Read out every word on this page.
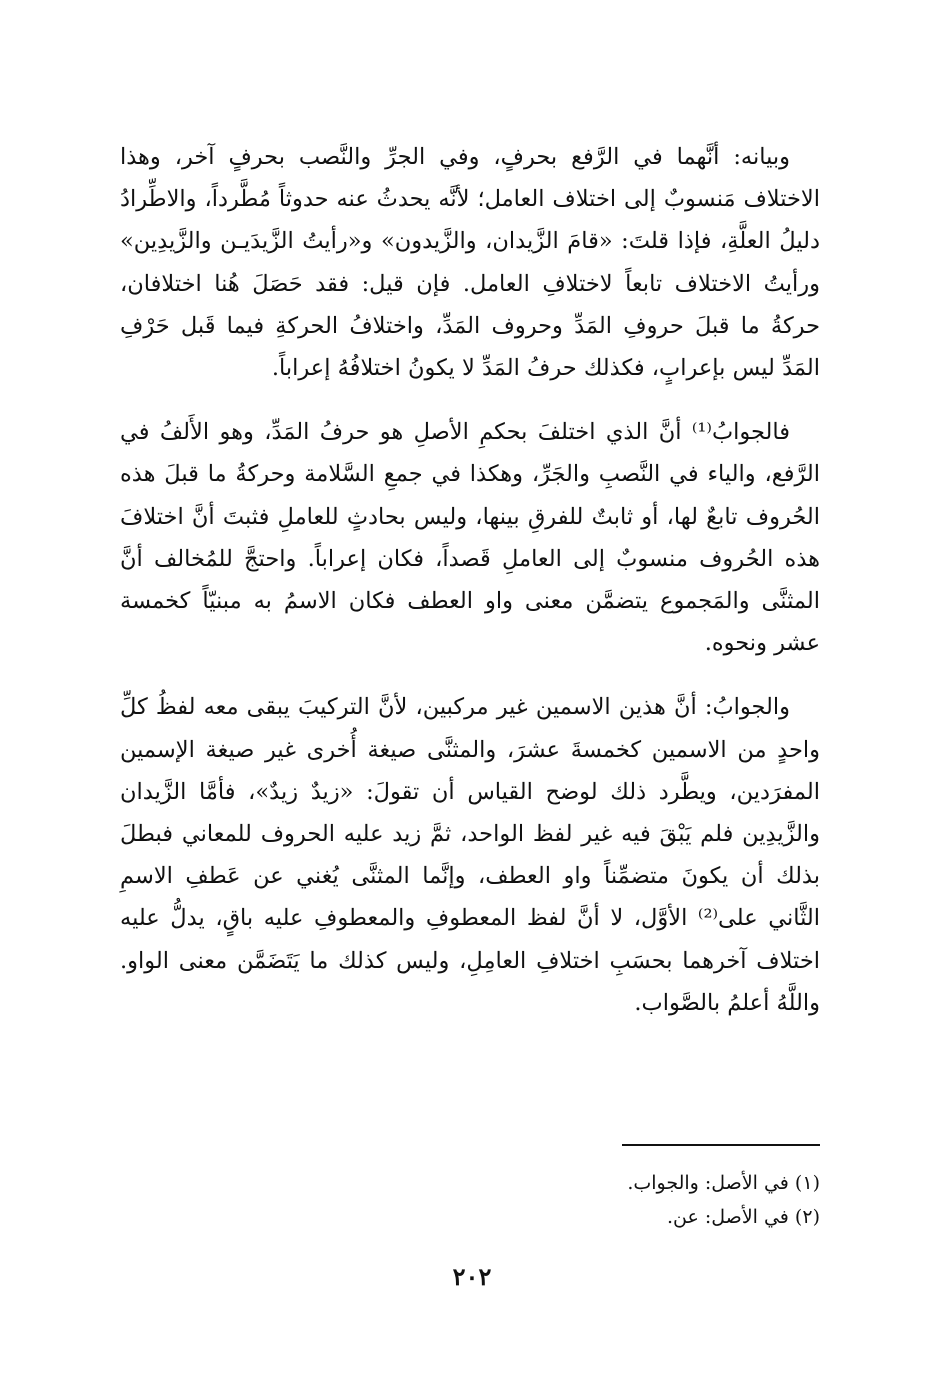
وبيانه: أنَّهما في الرَّفع بحرفٍ، وفي الجرِّ والنَّصب بحرفٍ آخر، وهذا الاختلاف مَنسوبٌ إلى اختلاف العامل؛ لأنَّه يحدثُ عنه حدوثاً مُطَّرداً، والاطِّرادُ دليلُ العلَّةِ، فإذا قلتَ: «قامَ الزَّيدان، والزَّيدون» و«رأيتُ الزَّيدَيـن والزَّيدِين» ورأيتُ الاختلاف تابعاً لاختلافِ العامل. فإن قيل: فقد حَصَلَ هُنا اختلافان، حركةُ ما قبلَ حروفِ المَدِّ وحروف المَدِّ، واختلافُ الحركةِ فيما قَبل حَرْفِ المَدِّ ليس بإعرابٍ، فكذلك حرفُ المَدِّ لا يكونُ اختلافُهُ إعراباً.

فالجوابُ⁽¹⁾ أنَّ الذي اختلفَ بحكمِ الأصلِ هو حرفُ المَدِّ، وهو الأَلفُ في الرَّفع، والياء في النَّصبِ والجَرِّ، وهكذا في جمعِ السَّلامة وحركةُ ما قبلَ هذه الحُروف تابعٌ لها، أو ثابتٌ للفرقِ بينها، وليس بحادثٍ للعاملِ فثبتَ أنَّ اختلافَ هذه الحُروف منسوبٌ إلى العاملِ قَصداً، فكان إعراباً. واحتجَّ للمُخالف أنَّ المثنَّى والمَجموع يتضمَّن معنى واو العطف فكان الاسمُ به مبنيّاً كخمسة عشر ونحوه.

والجوابُ: أنَّ هذين الاسمين غير مركبين، لأنَّ التركيبَ يبقى معه لفظُ كلِّ واحدٍ من الاسمين كخمسةَ عشرَ، والمثنَّى صيغة أُخرى غير صيغة الإسمين المفرَدين، ويطَّرد ذلك لوضح القياس أن تقولَ: «زيدٌ زيدٌ»، فأمَّا الزَّيدان والزَّيدِين فلم يَبْقَ فيه غير لفظ الواحد، ثمَّ زيد عليه الحروف للمعاني فبطلَ بذلك أن يكونَ متضمِّناً واو العطف، وإنَّما المثنَّى يُغني عن عَطفِ الاسمِ الثَّاني على⁽²⁾ الأوَّل، لا أنَّ لفظ المعطوفِ والمعطوفِ عليه باقٍ، يدلُّ عليه اختلاف آخرهما بحسَبِ اختلافِ العامِلِ، وليس كذلك ما يَتَضَمَّن معنى الواو. واللَّهُ أعلمُ بالصَّواب.

(١) في الأصل: والجواب.
(٢) في الأصل: عن.
٢٠٢
